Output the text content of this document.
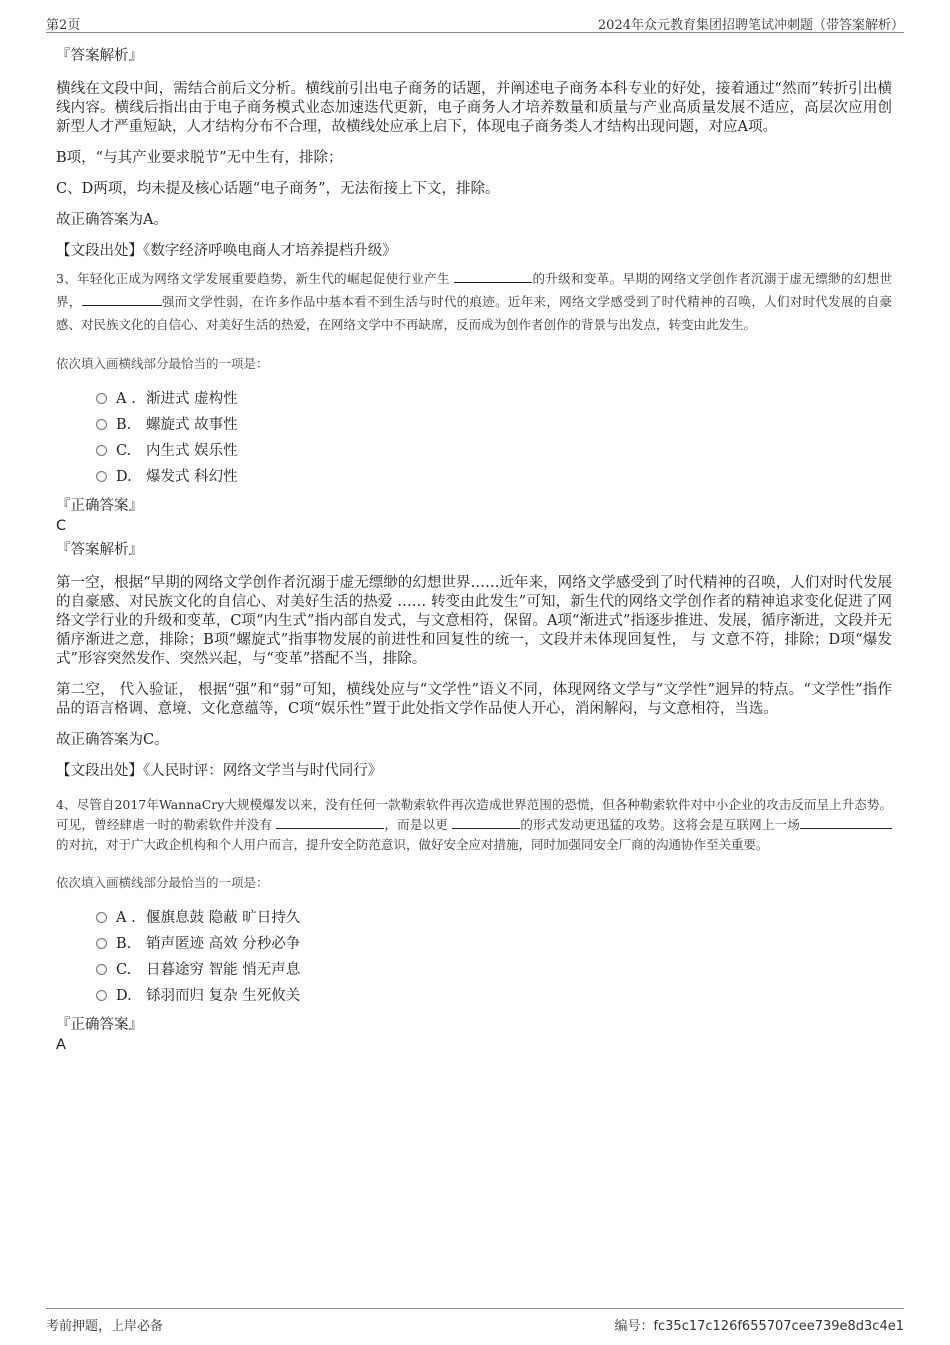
第2页	2024年众元教育集团招聘笔试冲刺题（带答案解析）

『答案解析』

横线在文段中间，需结合前后文分析。横线前引出电子商务的话题，并阐述电子商务本科专业的好处，接着通过“然而”转折引出横线内容。横线后指出由于电子商务模式业态加速迭代更新，电子商务人才培养数量和质量与产业高质量发展不适应，高层次应用创新型人才严重短缺，人才结构分布不合理，故横线处应承上启下，体现电子商务类人才结构出现问题，对应A项。

B项，“与其产业要求脱节”无中生有，排除；

C、D两项，均未提及核心话题“电子商务”，无法衔接上下文，排除。

故正确答案为A。

【文段出处】《数字经济呼唤电商人才培养提档升级》

3、年轻化正成为网络文学发展重要趋势，新生代的崛起促使行业产生	的升级和变革。早期的网络文学创作者沉溺于虚无缥缈的幻想世界，	强而文学性弱，在许多作品中基本看不到生活与时代的痕迹。近年来，网络文学感受到了时代精神的召唤，人们对时代发展的自豪感、对民族文化的自信心、对美好生活的热爱，在网络文学中不再缺席，反而成为创作者创作的背景与出发点，转变由此发生。

依次填入画横线部分最恰当的一项是：

A . 渐进式 虚构性
B. 螺旋式 故事性
C. 内生式 娱乐性
D. 爆发式 科幻性

『正确答案』

C

『答案解析』

第一空，根据“早期的网络文学创作者沉溺于虚无缥缈的幻想世界……近年来，网络文学感受到了时代精神的召唤，人们对时代发展的自豪感、对民族文化的自信心、对美好生活的热爱 …… 转变由此发生”可知，新生代的网络文学创作者的精神追求变化促进了网络文学行业的升级和变革，C项“内生式”指内部自发式，与文意相符，保留。A项“渐进式”指逐步推进、发展，循序渐进，文段并无循序渐进之意，排除；B项“螺旋式”指事物发展的前进性和回复性的统一，文段并未体现回复性， 与 文意不符，排除；D项“爆发式”形容突然发作、突然兴起，与“变革”搭配不当，排除。

第二空， 代入验证， 根据“强”和“弱”可知，横线处应与“文学性”语义不同，体现网络文学与“文学性”迥异的特点。“文学性”指作品的语言格调、意境、文化意蕴等，C项“娱乐性”置于此处指文学作品使人开心，消闲解闷，与文意相符，当选。

故正确答案为C。

【文段出处】《人民时评：网络文学当与时代同行》

4、尽管自2017年WannaCry大规模爆发以来，没有任何一款勒索软件再次造成世界范围的恐慌，但各种勒索软件对中小企业的攻击反而呈上升态势。可见，曾经肆虐一时的勒索软件并没有	，而是以更	的形式发动更迅猛的攻势。这将会是互联网上一场的对抗，对于广大政企机构和个人用户而言，提升安全防范意识，做好安全应对措施，同时加强同安全厂商的沟通协作至关重要。

依次填入画横线部分最恰当的一项是：

A . 偃旗息鼓 隐蔽 旷日持久
B. 销声匿迹 高效 分秒必争
C. 日暮途穷 智能 悄无声息
D. 铩羽而归 复杂 生死攸关

『正确答案』

A

考前押题，上岸必备	编号：fc35c17c126f655707cee739e8d3c4e1
